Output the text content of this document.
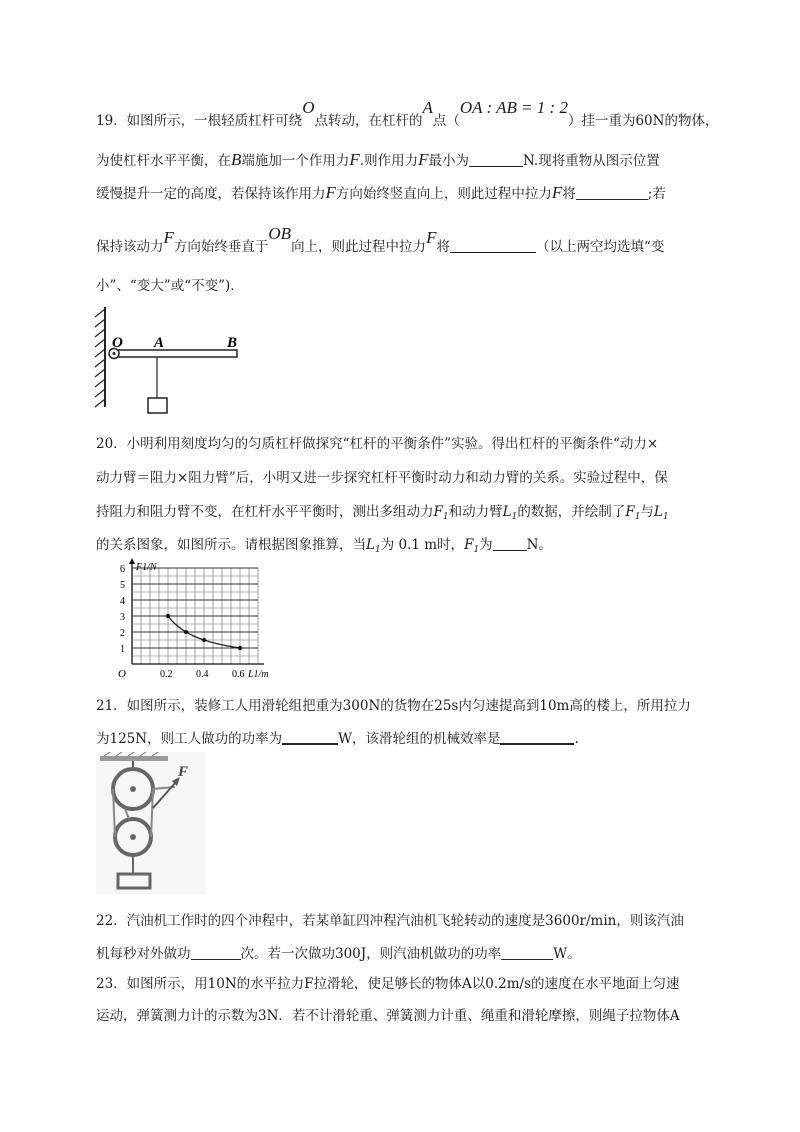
19．如图所示，一根轻质杠杆可绕O点转动，在杠杆的A点（OA : AB = 1 : 2）挂一重为60N的物体，
为使杠杆水平平衡，在B端施加一个作用力F.则作用力F最小为	N.现将重物从图示位置
缓慢提升一定的高度，若保持该作用力F方向始终竖直向上，则此过程中拉力F将	;若
保持该动力F方向始终垂直于OB向上，则此过程中拉力F将	（以上两空均选填“变
小”、“变大”或“不变”)．
O A	B
20．小明利用刻度均匀的匀质杠杆做探究“杠杆的平衡条件”实验。得出杠杆的平衡条件“动力×
动力臂＝阻力×阻力臂”后，小明又进一步探究杠杆平衡时动力和动力臂的关系。实验过程中，保
持阻力和阻力臂不变，在杠杆水平平衡时，测出多组动力$F_1$和动力臂$L_1$的数据，并绘制了$F_1$与$L_1$
的关系图象，如图所示。请根据图象推算，当$L_1$为 0.1 m时，$F_1$为	N。
1
2
3
4
5
6
0.2 0.4 0.6
O
F1/N
L1/m
21．如图所示，装修工人用滑轮组把重为300N的货物在25s内匀速提高到10m高的楼上，所用拉力
为125N，则工人做功的功率为	W，该滑轮组的机械效率是	.
F
22．汽油机工作时的四个冲程中，若某单缸四冲程汽油机飞轮转动的速度是3600r/min，则该汽油
机每秒对外做功	次。若一次做功300J，则汽油机做功的功率	W。
23．如图所示，用10N的水平拉力F拉滑轮，使足够长的物体A以0.2m/s的速度在水平地面上匀速
运动，弹簧测力计的示数为3N．若不计滑轮重、弹簧测力计重、绳重和滑轮摩擦，则绳子拉物体A
